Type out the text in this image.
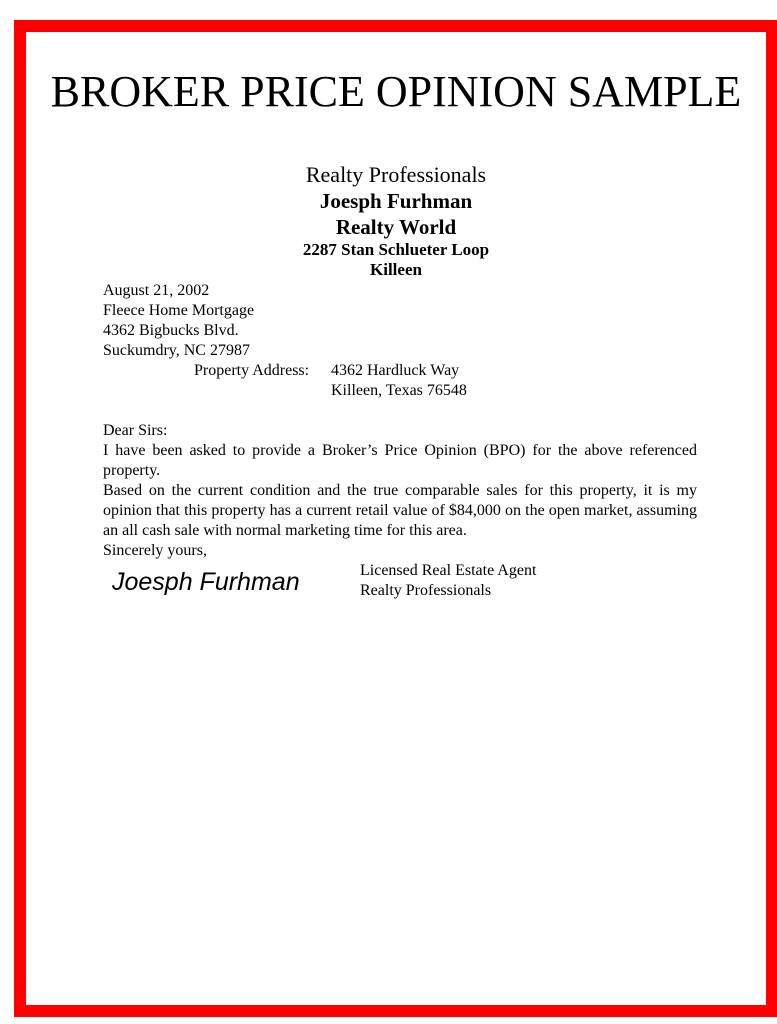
BROKER PRICE OPINION SAMPLE
Realty Professionals
Joesph Furhman
Realty World
2287 Stan Schlueter Loop
Killeen
August 21, 2002
Fleece Home Mortgage
4362 Bigbucks Blvd.
Suckumdry, NC 27987
Property Address: 4362 Hardluck Way
Killeen, Texas 76548

Dear Sirs:

I have been asked to provide a Broker’s Price Opinion (BPO) for the above referenced property.

Based on the current condition and the true comparable sales for this property, it is my opinion that this property has a current retail value of $84,000 on the open market, assuming an all cash sale with normal marketing time for this area.

Sincerely yours,
Joesph Furhman	Licensed Real Estate Agent
Realty Professionals
